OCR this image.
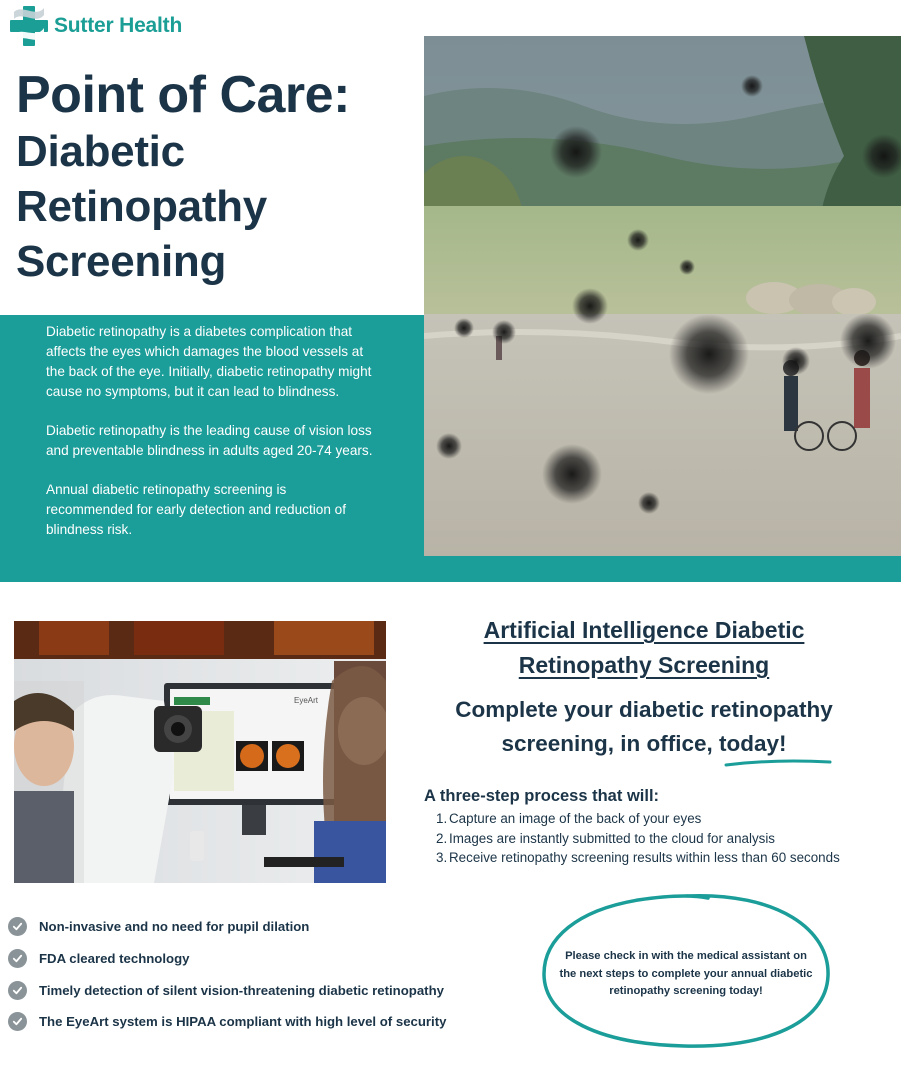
Sutter Health
Point of Care:
Diabetic
Retinopathy
Screening

Diabetic retinopathy is a diabetes complication that affects the eyes which damages the blood vessels at the back of the eye. Initially, diabetic retinopathy might cause no symptoms, but it can lead to blindness.

Diabetic retinopathy is the leading cause of vision loss and preventable blindness in adults aged 20-74 years.

Annual diabetic retinopathy screening is recommended for early detection and reduction of blindness risk.

EyeArt
Artificial Intelligence Diabetic
Retinopathy Screening
Complete your diabetic retinopathy
screening, in office, today!
A three-step process that will:
1. Capture an image of the back of your eyes
2. Images are instantly submitted to the cloud for analysis
3. Receive retinopathy screening results within less than 60 seconds
Non-invasive and no need for pupil dilation
FDA cleared technology
Timely detection of silent vision-threatening diabetic retinopathy
The EyeArt system is HIPAA compliant with high level of security
Please check in with the medical assistant on the next steps to complete your annual diabetic retinopathy screening today!
